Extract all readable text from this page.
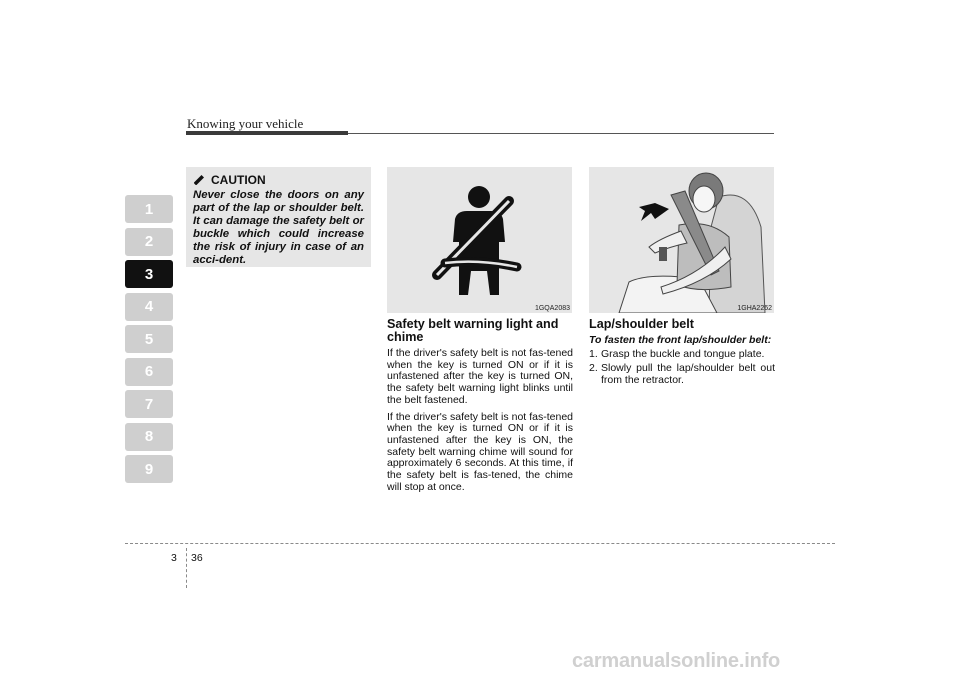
Knowing your vehicle
1
2
3
4
5
6
7
8
9
CAUTION
Never close the doors on any part of the lap or shoulder belt. It can damage the safety belt or buckle which could increase the risk of injury in case of an acci-dent.
1GQA2083	1GHA2262
Safety belt warning light and chime

If the driver's safety belt is not fas-tened when the key is turned ON or if it is unfastened after the key is turned ON, the safety belt warning light blinks until the belt fastened.

If the driver's safety belt is not fas-tened when the key is turned ON or if it is unfastened after the key is ON, the safety belt warning chime will sound for approximately 6 seconds. At this time, if the safety belt is fas-tened, the chime will stop at once.

Lap/shoulder belt
To fasten the front lap/shoulder belt:
1. Grasp the buckle and tongue plate.
2. Slowly pull the lap/shoulder belt out from the retractor.
3 36
carmanualsonline.info
